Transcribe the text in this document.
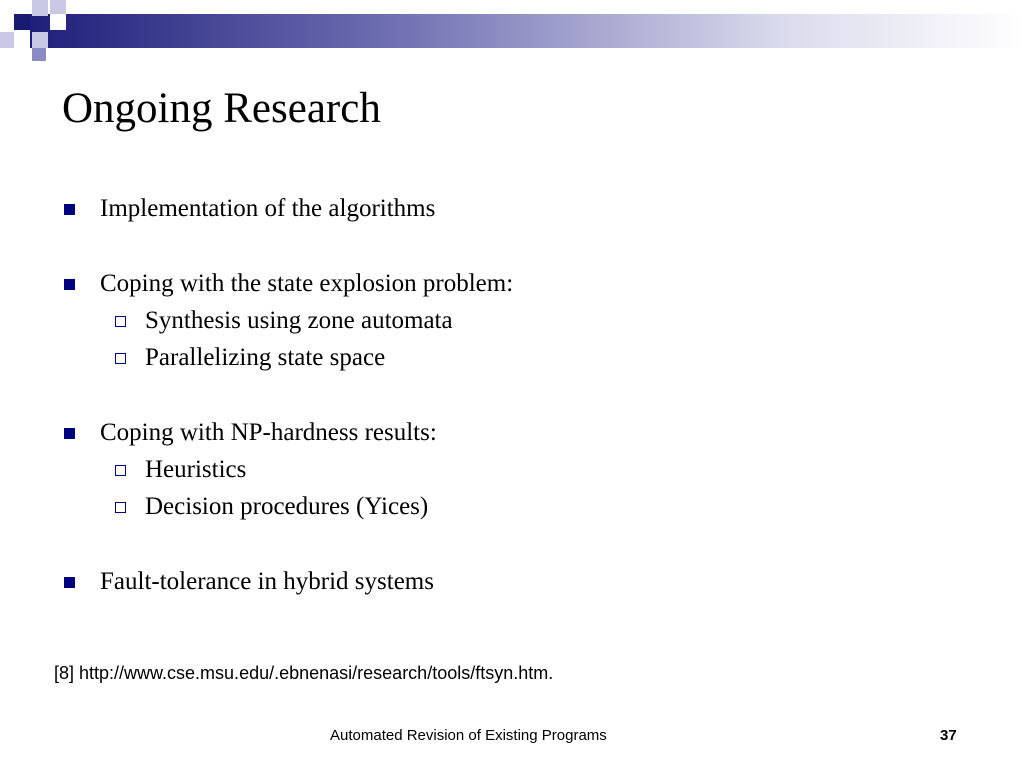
Ongoing Research
Implementation of the algorithms
Coping with the state explosion problem:
Synthesis using zone automata
Parallelizing state space
Coping with NP-hardness results:
Heuristics
Decision procedures (Yices)
Fault-tolerance in hybrid systems

[8] http://www.cse.msu.edu/.ebnenasi/research/tools/ftsyn.htm.

Automated Revision of Existing Programs	37
